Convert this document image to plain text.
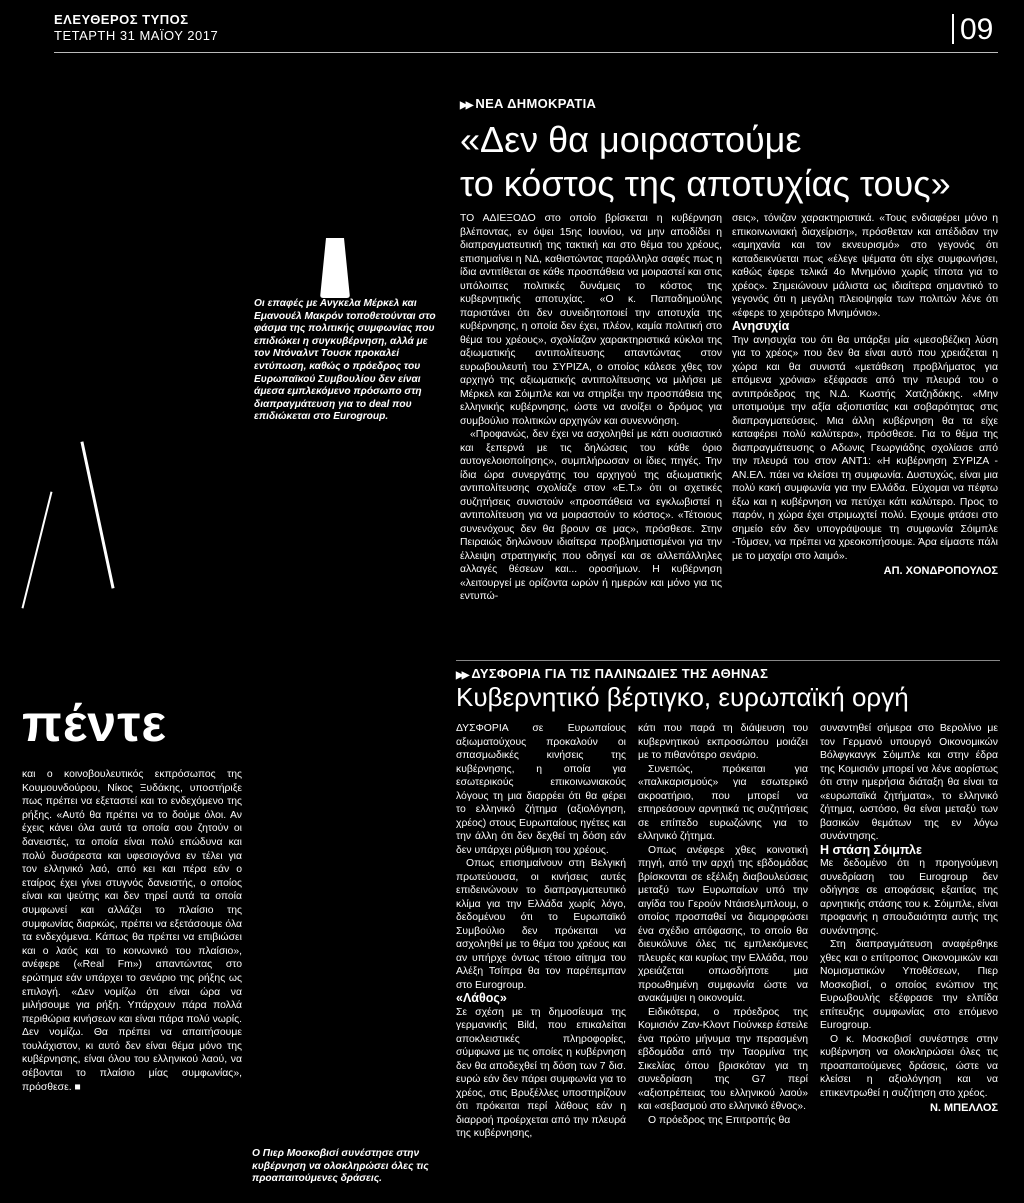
ΕΛΕΥΘΕΡΟΣ ΤΥΠΟΣ
ΤΕΤΑΡΤΗ 31 ΜΑΪΟΥ 2017	09
Οι επαφές με Ανγκελα Μέρκελ και Εμανουέλ Μακρόν τοποθετούνται στο φάσμα της πολιτικής συμφωνίας που επιδιώκει η συγκυβέρνηση, αλλά με τον Ντόναλντ Τουσκ προκαλεί εντύπωση, καθώς ο πρόεδρος του Ευρωπαϊκού Συμβουλίου δεν είναι άμεσα εμπλεκόμενο πρόσωπο στη διαπραγμάτευση για το deal που επιδιώκεται στο Eurogroup.
▶▶ ΝΕΑ ΔΗΜΟΚΡΑΤΙΑ
«Δεν θα μοιραστούμε
το κόστος της αποτυχίας τους»

ΤΟ ΑΔΙΕΞΟΔΟ στο οποίο βρίσκεται η κυβέρνηση βλέποντας, εν όψει 15ης Ιουνίου, να μην αποδίδει η διαπραγματευτική της τακτική και στο θέμα του χρέους, επισημαίνει η ΝΔ, καθιστώντας παράλληλα σαφές πως η ίδια αντιτίθεται σε κάθε προσπάθεια να μοιραστεί και στις υπόλοιπες πολιτικές δυνάμεις το κόστος της κυβερνητικής αποτυχίας. «Ο κ. Παπαδημούλης παριστάνει ότι δεν συνειδητοποιεί την αποτυχία της κυβέρνησης, η οποία δεν έχει, πλέον, καμία πολιτική στο θέμα του χρέους», σχολίαζαν χαρακτηριστικά κύκλοι της αξιωματικής αντιπολίτευσης απαντώντας στον ευρωβουλευτή του ΣΥΡΙΖΑ, ο οποίος κάλεσε χθες τον αρχηγό της αξιωματικής αντιπολίτευσης να μιλήσει με Μέρκελ και Σόιμπλε και να στηρίξει την προσπάθεια της ελληνικής κυβέρνησης, ώστε να ανοίξει ο δρόμος για συμβούλιο πολιτικών αρχηγών και συνεννόηση.

«Προφανώς, δεν έχει να ασχοληθεί με κάτι ουσιαστικό και ξεπερνά με τις δηλώσεις του κάθε όριο αυτογελοιοποίησης», συμπλήρωσαν οι ίδιες πηγές. Την ίδια ώρα συνεργάτης του αρχηγού της αξιωματικής αντιπολίτευσης σχολίαζε στον «Ε.Τ.» ότι οι σχετικές συζητήσεις συνιστούν «προσπάθεια να εγκλωβιστεί η αντιπολίτευση για να μοιραστούν το κόστος». «Τέτοιους συνενόχους δεν θα βρουν σε μας», πρόσθεσε. Στην Πειραιώς δηλώνουν ιδιαίτερα προβληματισμένοι για την έλλειψη στρατηγικής που οδηγεί και σε αλλεπάλληλες αλλαγές θέσεων και... οροσήμων. Η κυβέρνηση «λειτουργεί με ορίζοντα ωρών ή ημερών και μόνο για τις εντυπώ-

σεις», τόνιζαν χαρακτηριστικά. «Τους ενδιαφέρει μόνο η επικοινωνιακή διαχείριση», πρόσθεταν και απέδιδαν την «αμηχανία και τον εκνευρισμό» στο γεγονός ότι καταδεικνύεται πως «έλεγε ψέματα ότι είχε συμφωνήσει, καθώς έφερε τελικά 4ο Μνημόνιο χωρίς τίποτα για το χρέος». Σημειώνουν μάλιστα ως ιδιαίτερα σημαντικό το γεγονός ότι η μεγάλη πλειοψηφία των πολιτών λένε ότι «έφερε το χειρότερο Μνημόνιο».

Ανησυχία

Την ανησυχία του ότι θα υπάρξει μία «μεσοβέζικη λύση για το χρέος» που δεν θα είναι αυτό που χρειάζεται η χώρα και θα συνιστά «μετάθεση προβλήματος για επόμενα χρόνια» εξέφρασε από την πλευρά του ο αντιπρόεδρος της Ν.Δ. Κωστής Χατζηδάκης. «Μην υποτιμούμε την αξία αξιοπιστίας και σοβαρότητας στις διαπραγματεύσεις. Μια άλλη κυβέρνηση θα τα είχε καταφέρει πολύ καλύτερα», πρόσθεσε. Για το θέμα της διαπραγμάτευσης ο Αδωνις Γεωργιάδης σχολίασε από την πλευρά του στον ΑΝΤ1: «Η κυβέρνηση ΣΥΡΙΖΑ - ΑΝ.ΕΛ. πάει να κλείσει τη συμφωνία. Δυστυχώς, είναι μια πολύ κακή συμφωνία για την Ελλάδα. Εύχομαι να πέφτω έξω και η κυβέρνηση να πετύχει κάτι καλύτερο. Προς το παρόν, η χώρα έχει στριμωχτεί πολύ. Εχουμε φτάσει στο σημείο εάν δεν υπογράψουμε τη συμφωνία Σόιμπλε -Τόμσεν, να πρέπει να χρεοκοπήσουμε. Άρα είμαστε πάλι με το μαχαίρι στο λαιμό».

ΑΠ. ΧΟΝΔΡΟΠΟΥΛΟΣ
πέντε

και ο κοινοβουλευτικός εκπρόσωπος της Κουμουνδούρου, Νίκος Ξυδάκης, υποστήριξε πως πρέπει να εξεταστεί και το ενδεχόμενο της ρήξης. «Αυτό θα πρέπει να το δούμε όλοι. Αν έχεις κάνει όλα αυτά τα οποία σου ζητούν οι δανειστές, τα οποία είναι πολύ επώδυνα και πολύ δυσάρεστα και υφεσιογόνα εν τέλει για τον ελληνικό λαό, από κει και πέρα εάν ο εταίρος έχει γίνει στυγνός δανειστής, ο οποίος είναι και ψεύτης και δεν τηρεί αυτά τα οποία συμφωνεί και αλλάζει το πλαίσιο της συμφωνίας διαρκώς, πρέπει να εξετάσουμε όλα τα ενδεχόμενα. Κάπως θα πρέπει να επιβιώσει και ο λαός και το κοινωνικό του πλαίσιο», ανέφερε («Real Fm») απαντώντας στο ερώτημα εάν υπάρχει το σενάριο της ρήξης ως επιλογή. «Δεν νομίζω ότι είναι ώρα να μιλήσουμε για ρήξη. Υπάρχουν πάρα πολλά περιθώρια κινήσεων και είναι πάρα πολύ νωρίς. Δεν νομίζω. Θα πρέπει να απαιτήσουμε τουλάχιστον, κι αυτό δεν είναι θέμα μόνο της κυβέρνησης, είναι όλου του ελληνικού λαού, να σέβονται το πλαίσιο μίας συμφωνίας», πρόσθεσε. ■

Ο Πιερ Μοσκοβισί συνέστησε στην κυβέρνηση να ολοκληρώσει όλες τις προαπαιτούμενες δράσεις.
▶▶ ΔΥΣΦΟΡΙΑ ΓΙΑ ΤΙΣ ΠΑΛΙΝΩΔΙΕΣ ΤΗΣ ΑΘΗΝΑΣ
Κυβερνητικό βέρτιγκο, ευρωπαϊκή οργή

ΔΥΣΦΟΡΙΑ σε Ευρωπαίους αξιωματούχους προκαλούν οι σπασμωδικές κινήσεις της κυβέρνησης, η οποία για εσωτερικούς επικοινωνιακούς λόγους τη μια διαρρέει ότι θα φέρει το ελληνικό ζήτημα (αξιολόγηση, χρέος) στους Ευρωπαίους ηγέτες και την άλλη ότι δεν δεχθεί τη δόση εάν δεν υπάρχει ρύθμιση του χρέους.

Οπως επισημαίνουν στη Βελγική πρωτεύουσα, οι κινήσεις αυτές επιδεινώνουν το διαπραγματευτικό κλίμα για την Ελλάδα χωρίς λόγο, δεδομένου ότι το Ευρωπαϊκό Συμβούλιο δεν πρόκειται να ασχοληθεί με το θέμα του χρέους και αν υπήρχε όντως τέτοιο αίτημα του Αλέξη Τσίπρα θα τον παρέπεμπαν στο Eurogroup.

«Λάθος»

Σε σχέση με τη δημοσίευμα της γερμανικής Bild, που επικαλείται αποκλειστικές πληροφορίες, σύμφωνα με τις οποίες η κυβέρνηση δεν θα αποδεχθεί τη δόση των 7 δισ. ευρώ εάν δεν πάρει συμφωνία για το χρέος, στις Βρυξέλλες υποστηρίζουν ότι πρόκειται περί λάθους εάν η διαρροή προέρχεται από την πλευρά της κυβέρνησης,

κάτι που παρά τη διάψευση του κυβερνητικού εκπροσώπου μοιάζει με το πιθανότερο σενάριο.

Συνεπώς, πρόκειται για «παλικαρισμούς» για εσωτερικό ακροατήριο, που μπορεί να επηρεάσουν αρνητικά τις συζητήσεις σε επίπεδο ευρωζώνης για το ελληνικό ζήτημα.

Οπως ανέφερε χθες κοινοτική πηγή, από την αρχή της εβδομάδας βρίσκονται σε εξέλιξη διαβουλεύσεις μεταξύ των Ευρωπαίων υπό την αιγίδα του Γερούν Ντάισελμπλουμ, ο οποίος προσπαθεί να διαμορφώσει ένα σχέδιο απόφασης, το οποίο θα διευκόλυνε όλες τις εμπλεκόμενες πλευρές και κυρίως την Ελλάδα, που χρειάζεται οπωσδήποτε μια προωθημένη συμφωνία ώστε να ανακάμψει η οικονομία.

Ειδικότερα, ο πρόεδρος της Κομισιόν Ζαν-Κλοντ Γιούνκερ έστειλε ένα πρώτο μήνυμα την περασμένη εβδομάδα από την Ταορμίνα της Σικελίας όπου βρισκόταν για τη συνεδρίαση της G7 περί «αξιοπρέπειας του ελληνικού λαού» και «σεβασμού στο ελληνικό έθνος».

Ο πρόεδρος της Επιτροπής θα

συναντηθεί σήμερα στο Βερολίνο με τον Γερμανό υπουργό Οικονομικών Βόλφγκανγκ Σόιμπλε και στην έδρα της Κομισιόν μπορεί να λένε αορίστως ότι στην ημερήσια διάταξη θα είναι τα «ευρωπαϊκά ζητήματα», το ελληνικό ζήτημα, ωστόσο, θα είναι μεταξύ των βασικών θεμάτων της εν λόγω συνάντησης.

Η στάση Σόιμπλε

Με δεδομένο ότι η προηγούμενη συνεδρίαση του Eurogroup δεν οδήγησε σε αποφάσεις εξαιτίας της αρνητικής στάσης του κ. Σόιμπλε, είναι προφανής η σπουδαιότητα αυτής της συνάντησης.

Στη διαπραγμάτευση αναφέρθηκε χθες και ο επίτροπος Οικονομικών και Νομισματικών Υποθέσεων, Πιερ Μοσκοβισί, ο οποίος ενώπιον της Ευρωβουλής εξέφρασε την ελπίδα επίτευξης συμφωνίας στο επόμενο Eurogroup.

Ο κ. Μοσκοβισί συνέστησε στην κυβέρνηση να ολοκληρώσει όλες τις προαπαιτούμενες δράσεις, ώστε να κλείσει η αξιολόγηση και να επικεντρωθεί η συζήτηση στο χρέος.

Ν. ΜΠΕΛΛΟΣ
